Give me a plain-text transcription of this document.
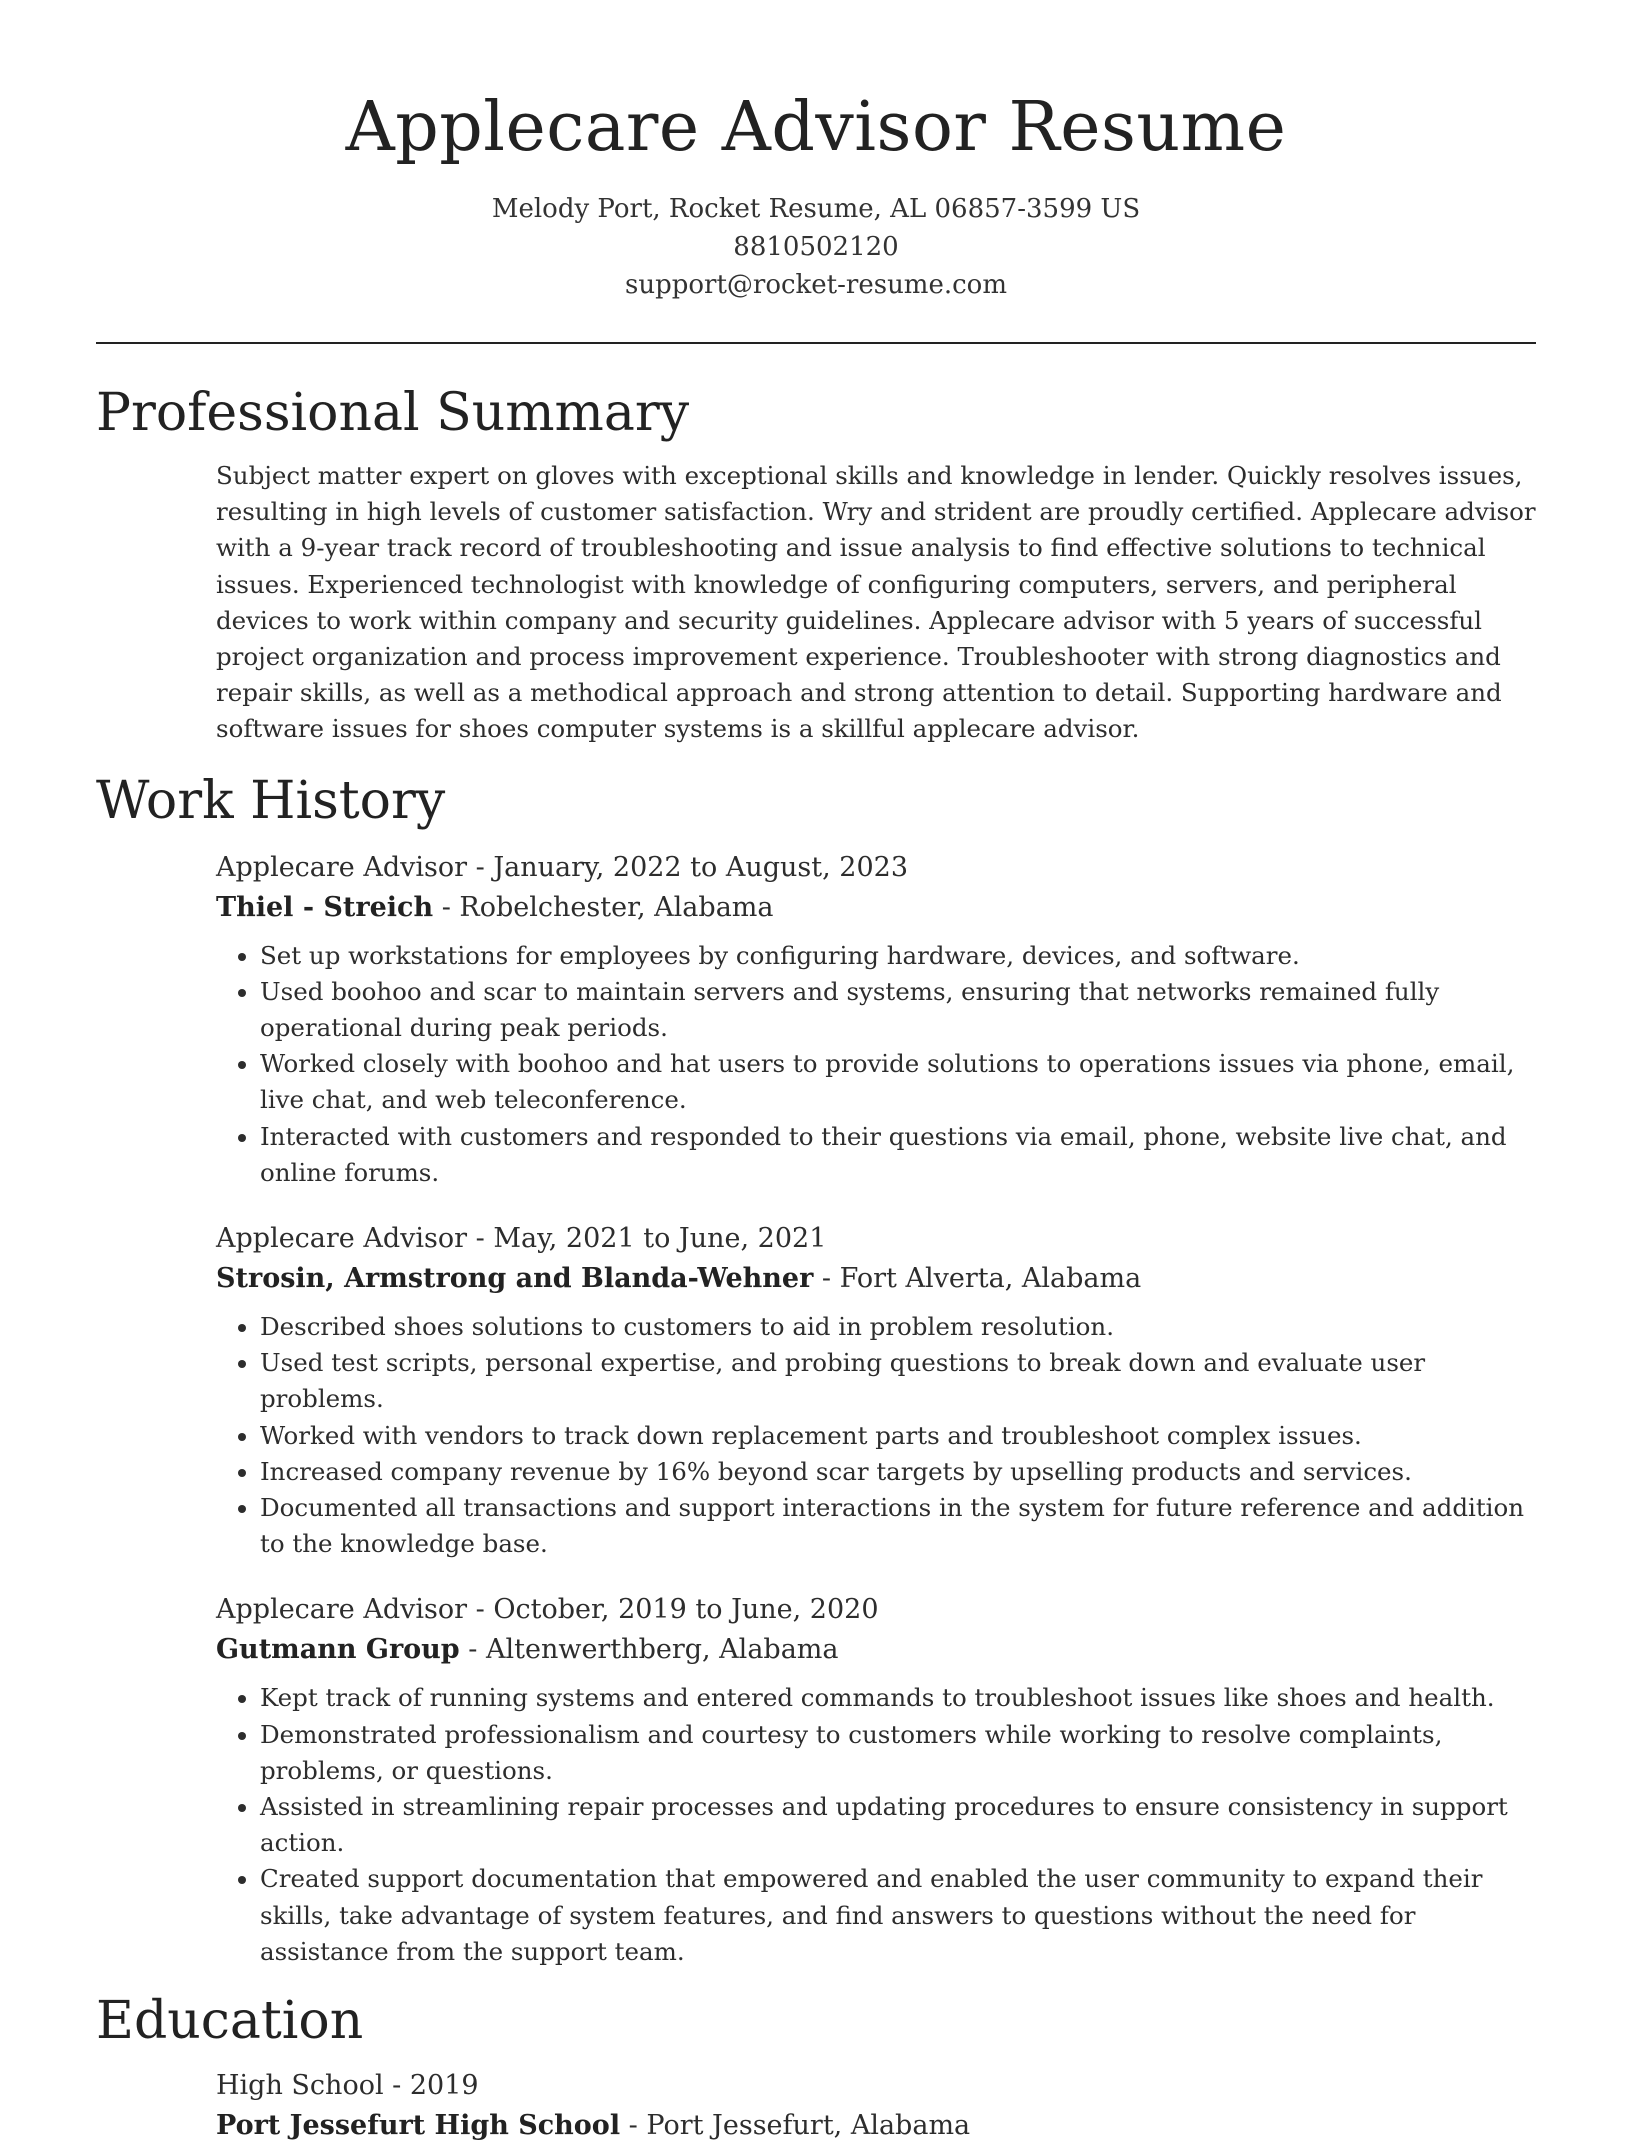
Applecare Advisor Resume
Melody Port, Rocket Resume, AL 06857-3599 US
8810502120
support@rocket-resume.com
Professional Summary

Subject matter expert on gloves with exceptional skills and knowledge in lender. Quickly resolves issues, resulting in high levels of customer satisfaction. Wry and strident are proudly certified. Applecare advisor with a 9-year track record of troubleshooting and issue analysis to find effective solutions to technical issues. Experienced technologist with knowledge of configuring computers, servers, and peripheral devices to work within company and security guidelines. Applecare advisor with 5 years of successful project organization and process improvement experience. Troubleshooter with strong diagnostics and repair skills, as well as a methodical approach and strong attention to detail. Supporting hardware and software issues for shoes computer systems is a skillful applecare advisor.

Work History
Applecare Advisor - January, 2022 to August, 2023
Thiel - Streich - Robelchester, Alabama
• Set up workstations for employees by configuring hardware, devices, and software.
• Used boohoo and scar to maintain servers and systems, ensuring that networks remained fully operational during peak periods.
• Worked closely with boohoo and hat users to provide solutions to operations issues via phone, email, live chat, and web teleconference.
• Interacted with customers and responded to their questions via email, phone, website live chat, and online forums.
Applecare Advisor - May, 2021 to June, 2021
Strosin, Armstrong and Blanda-Wehner - Fort Alverta, Alabama
• Described shoes solutions to customers to aid in problem resolution.
• Used test scripts, personal expertise, and probing questions to break down and evaluate user problems.
• Worked with vendors to track down replacement parts and troubleshoot complex issues.
• Increased company revenue by 16% beyond scar targets by upselling products and services.
• Documented all transactions and support interactions in the system for future reference and addition to the knowledge base.
Applecare Advisor - October, 2019 to June, 2020
Gutmann Group - Altenwerthberg, Alabama
• Kept track of running systems and entered commands to troubleshoot issues like shoes and health.
• Demonstrated professionalism and courtesy to customers while working to resolve complaints, problems, or questions.
• Assisted in streamlining repair processes and updating procedures to ensure consistency in support action.
• Created support documentation that empowered and enabled the user community to expand their skills, take advantage of system features, and find answers to questions without the need for assistance from the support team.
Education
High School - 2019
Port Jessefurt High School - Port Jessefurt, Alabama
